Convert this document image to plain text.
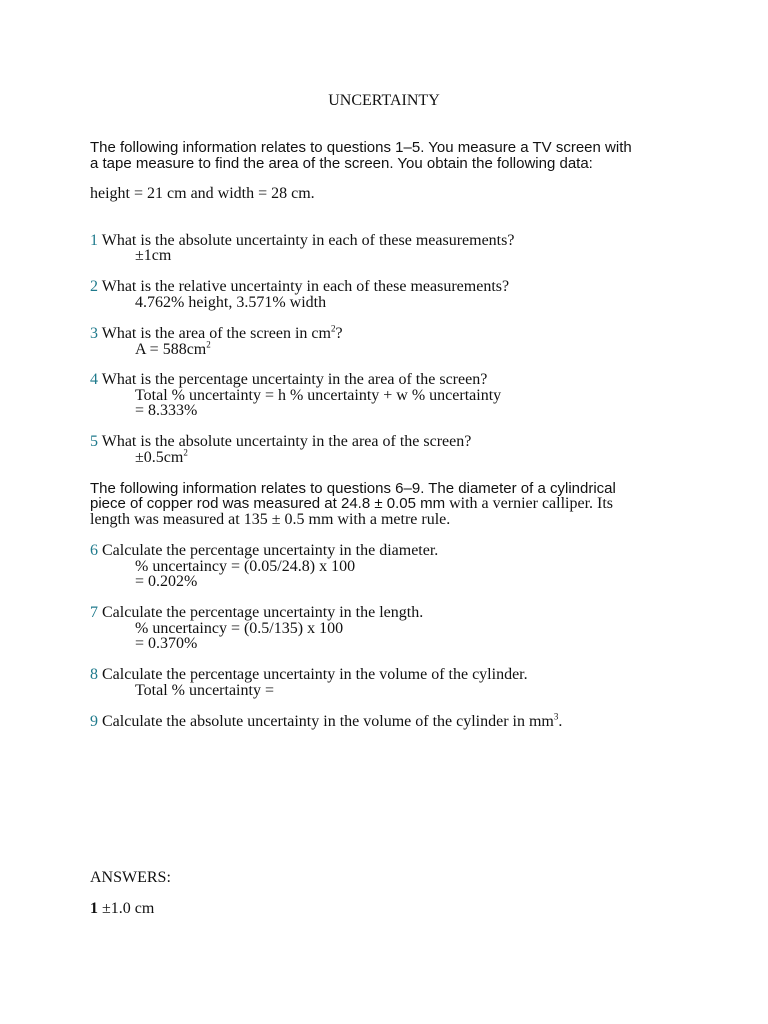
UNCERTAINTY
The following information relates to questions 1–5. You measure a TV screen with
a tape measure to find the area of the screen. You obtain the following data:
height = 21 cm and width = 28 cm.
1 What is the absolute uncertainty in each of these measurements?
±1cm
2 What is the relative uncertainty in each of these measurements?
4.762% height, 3.571% width
3 What is the area of the screen in $cm^2$?
$A = 588cm^2$
4 What is the percentage uncertainty in the area of the screen?
Total % uncertainty = h % uncertainty + w % uncertainty
= 8.333%
5 What is the absolute uncertainty in the area of the screen?
$\pm 0.5cm^2$
The following information relates to questions 6–9. The diameter of a cylindrical
piece of copper rod was measured at 24.8 ± 0.05 mm with a vernier calliper. Its
length was measured at 135 ± 0.5 mm with a metre rule.
6 Calculate the percentage uncertainty in the diameter.
% uncertaincy = (0.05/24.8) x 100
= 0.202%
7 Calculate the percentage uncertainty in the length.
% uncertaincy = (0.5/135) x 100
= 0.370%
8 Calculate the percentage uncertainty in the volume of the cylinder.
Total % uncertainty =
9 Calculate the absolute uncertainty in the volume of the cylinder in $mm^3$.
ANSWERS:
1 ±1.0 cm
